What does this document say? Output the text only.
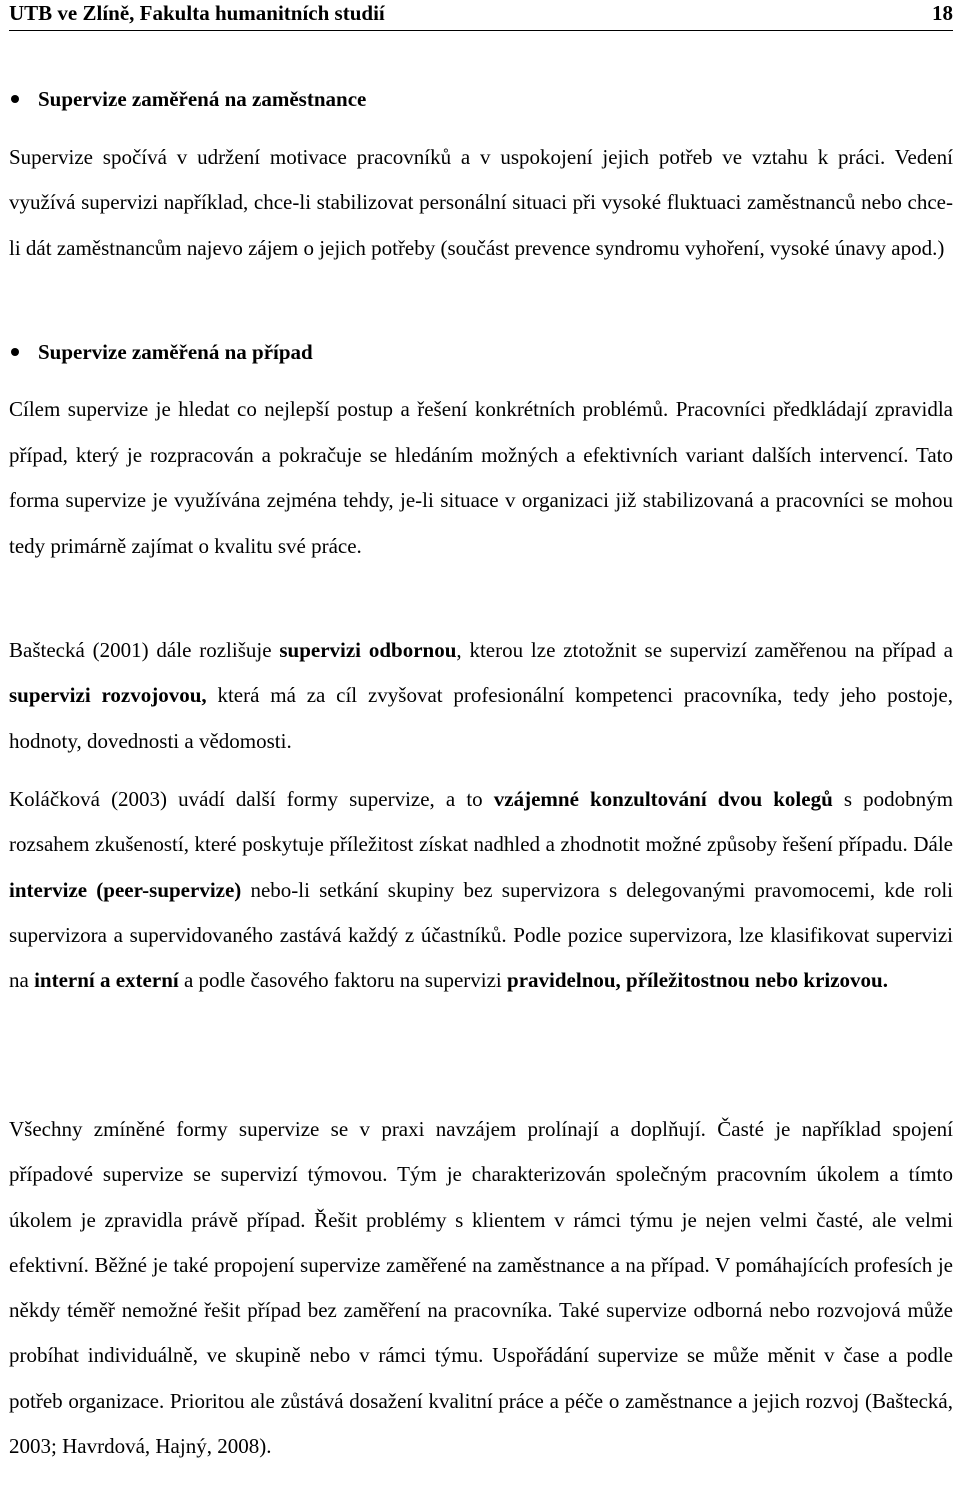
UTB ve Zlíně, Fakulta humanitních studií	18
Supervize zaměřená na zaměstnance

Supervize spočívá v udržení motivace pracovníků a v uspokojení jejich potřeb ve vztahu k práci. Vedení využívá supervizi například, chce-li stabilizovat personální situaci při vysoké fluktuaci zaměstnanců nebo chce-li dát zaměstnancům najevo zájem o jejich potřeby (součást prevence syndromu vyhoření, vysoké únavy apod.)

Supervize zaměřená na případ

Cílem supervize je hledat co nejlepší postup a řešení konkrétních problémů. Pracovníci předkládají zpravidla případ, který je rozpracován a pokračuje se hledáním možných a efektivních variant dalších intervencí. Tato forma supervize je využívána zejména tehdy, je-li situace v organizaci již stabilizovaná a pracovníci se mohou tedy primárně zajímat o kvalitu své práce.

Baštecká (2001) dále rozlišuje supervizi odbornou, kterou lze ztotožnit se supervizí zaměřenou na případ a supervizi rozvojovou, která má za cíl zvyšovat profesionální kompetenci pracovníka, tedy jeho postoje, hodnoty, dovednosti a vědomosti.

Koláčková (2003) uvádí další formy supervize, a to vzájemné konzultování dvou kolegů s podobným rozsahem zkušeností, které poskytuje příležitost získat nadhled a zhodnotit možné způsoby řešení případu. Dále intervize (peer-supervize) nebo-li setkání skupiny bez supervizora s delegovanými pravomocemi, kde roli supervizora a supervidovaného zastává každý z účastníků. Podle pozice supervizora, lze klasifikovat supervizi na interní a externí a podle časového faktoru na supervizi pravidelnou, příležitostnou nebo krizovou.

Všechny zmíněné formy supervize se v praxi navzájem prolínají a doplňují. Časté je například spojení případové supervize se supervizí týmovou. Tým je charakterizován společným pracovním úkolem a tímto úkolem je zpravidla právě případ. Řešit problémy s klientem v rámci týmu je nejen velmi časté, ale velmi efektivní. Běžné je také propojení supervize zaměřené na zaměstnance a na případ. V pomáhajících profesích je někdy téměř nemožné řešit případ bez zaměření na pracovníka. Také supervize odborná nebo rozvojová může probíhat individuálně, ve skupině nebo v rámci týmu. Uspořádání supervize se může měnit v čase a podle potřeb organizace. Prioritou ale zůstává dosažení kvalitní práce a péče o zaměstnance a jejich rozvoj (Baštecká, 2003; Havrdová, Hajný, 2008).
